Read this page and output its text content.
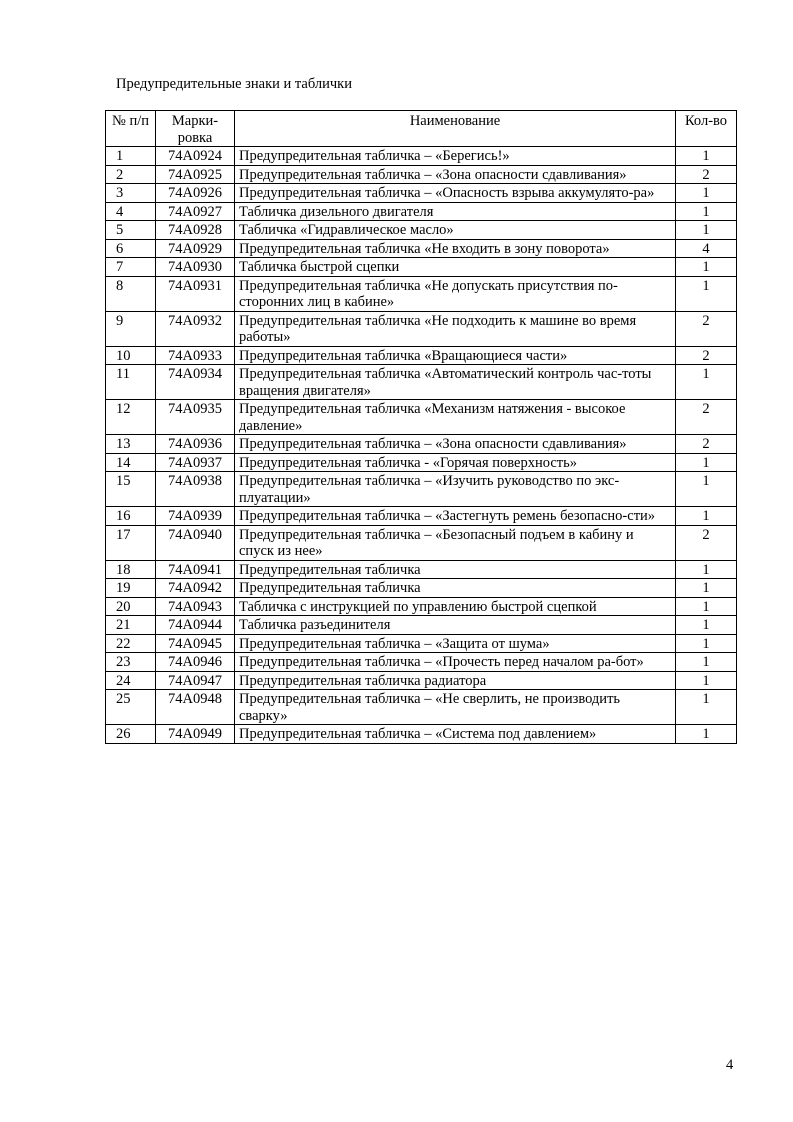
Предупредительные знаки и таблички
№ п/п	Марки-ровка	Наименование	Кол-во
1	74A0924	Предупредительная табличка – «Берегись!»	1
2	74A0925	Предупредительная табличка – «Зона опасности сдавливания»	2
3	74A0926	Предупредительная табличка – «Опасность взрыва аккумулято-ра»	1
4	74A0927	Табличка дизельного двигателя	1
5	74A0928	Табличка «Гидравлическое масло»	1
6	74A0929	Предупредительная табличка «Не входить в зону поворота»	4
7	74A0930	Табличка быстрой сцепки	1
8	74A0931	Предупредительная табличка «Не допускать присутствия по-сторонних лиц в кабине»	1
9	74A0932	Предупредительная табличка «Не подходить к машине во время работы»	2
10	74A0933	Предупредительная табличка «Вращающиеся части»	2
11	74A0934	Предупредительная табличка «Автоматический контроль час-тоты вращения двигателя»	1
12	74A0935	Предупредительная табличка «Механизм натяжения - высокое давление»	2
13	74A0936	Предупредительная табличка – «Зона опасности сдавливания»	2
14	74A0937	Предупредительная табличка - «Горячая поверхность»	1
15	74A0938	Предупредительная табличка – «Изучить руководство по экс-плуатации»	1
16	74A0939	Предупредительная табличка – «Застегнуть ремень безопасно-сти»	1
17	74A0940	Предупредительная табличка – «Безопасный подъем в кабину и спуск из нее»	2
18	74A0941	Предупредительная табличка	1
19	74A0942	Предупредительная табличка	1
20	74A0943	Табличка с инструкцией по управлению быстрой сцепкой	1
21	74A0944	Табличка разъединителя	1
22	74A0945	Предупредительная табличка – «Защита от шума»	1
23	74A0946	Предупредительная табличка – «Прочесть перед началом ра-бот»	1
24	74A0947	Предупредительная табличка радиатора	1
25	74A0948	Предупредительная табличка – «Не сверлить, не производить сварку»	1
26	74A0949	Предупредительная табличка – «Система под давлением»	1
4
